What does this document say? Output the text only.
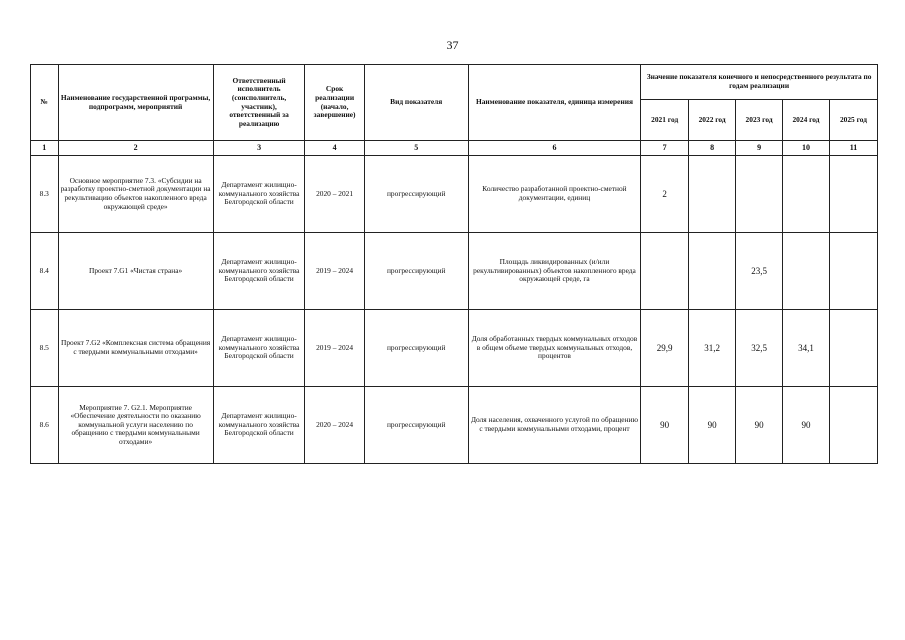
37
№	Наименование государственной программы, подпрограмм, мероприятий	Ответственный исполнитель (соисполнитель, участник), ответственный за реализацию	Срок реализации (начало, завершение)	Вид показателя	Наименование показателя, единица измерения	Значение показателя конечного и непосредственного результата по годам реализации				
						2021 год	2022 год	2023 год	2024 год	2025 год
1	2	3	4	5	6	7	8	9	10	11
8.3	Основное мероприятие 7.3. «Субсидии на разработку проектно-сметной документации на рекультивацию объектов накопленного вреда окружающей среде»	Департамент жилищно-коммунального хозяйства Белгородской области	2020 – 2021	прогрессирующий	Количество разработанной проектно-сметной документации, единиц	2				
8.4	Проект 7.G1 «Чистая страна»	Департамент жилищно-коммунального хозяйства Белгородской области	2019 – 2024	прогрессирующий	Площадь ликвидированных (и/или рекультивированных) объектов накопленного вреда окружающей среде, га			23,5		
8.5	Проект 7.G2 «Комплексная система обращения с твердыми коммунальными отходами»	Департамент жилищно-коммунального хозяйства Белгородской области	2019 – 2024	прогрессирующий	Доля обработанных твердых коммунальных отходов в общем объеме твердых коммунальных отходов, процентов	29,9	31,2	32,5	34,1	
8.6	Мероприятие 7. G2.1. Мероприятие «Обеспечение деятельности по оказанию коммунальной услуги населению по обращению с твердыми коммунальными отходами»	Департамент жилищно-коммунального хозяйства Белгородской области	2020 – 2024	прогрессирующий	Доля населения, охваченного услугой по обращению с твердыми коммунальными отходами, процент	90	90	90	90	
